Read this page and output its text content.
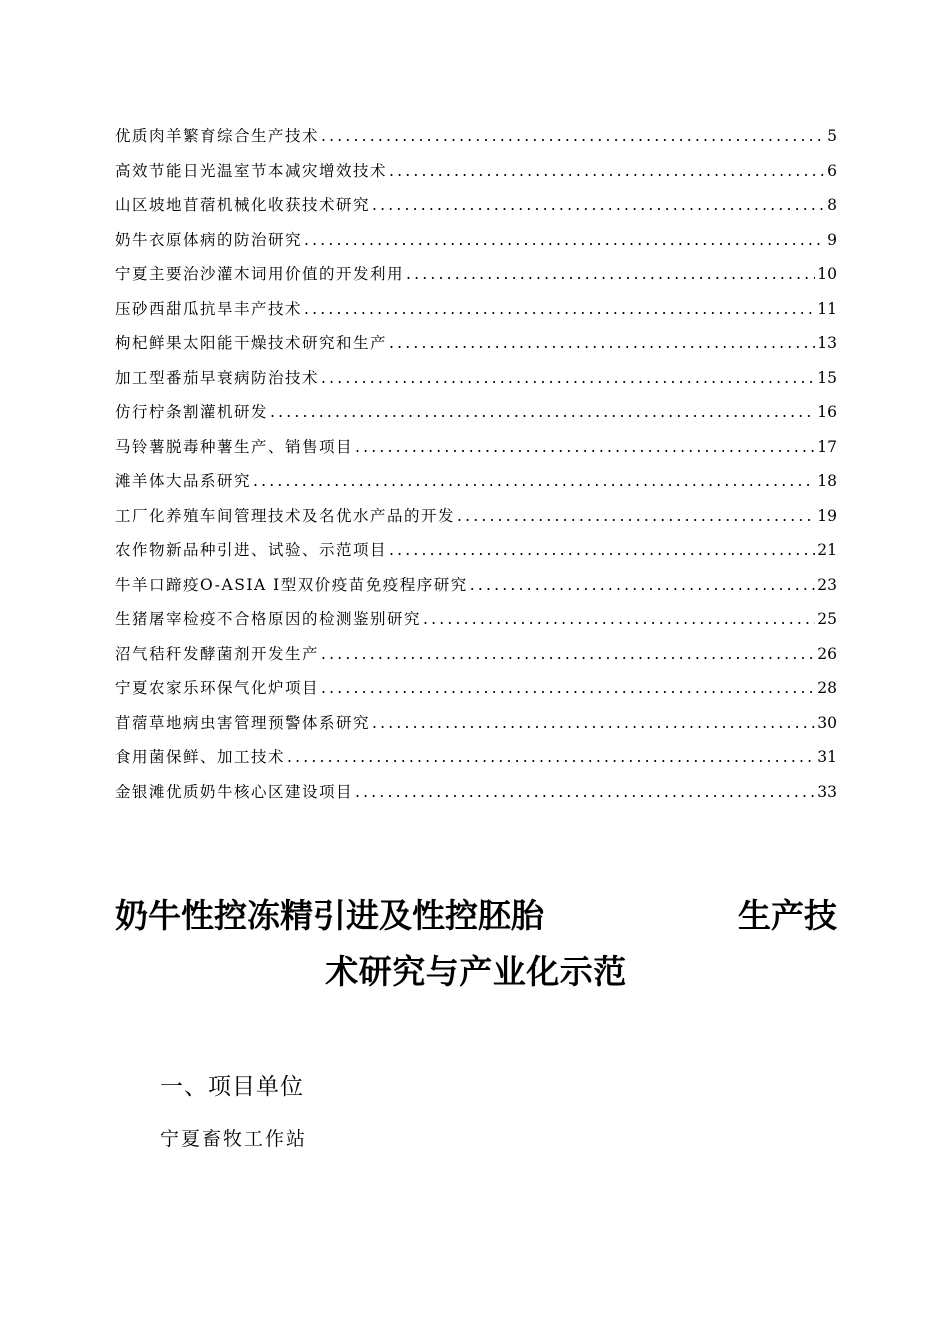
优质肉羊繁育综合生产技术 .....	5
高效节能日光温室节本减灾增效技术 .....	6
山区坡地苜蓿机械化收获技术研究 .....	8
奶牛衣原体病的防治研究 .....	9
宁夏主要治沙灌木词用价值的开发利用 .....	10
压砂西甜瓜抗旱丰产技术 .....	11
枸杞鲜果太阳能干燥技术研究和生产 .....	13
加工型番茄早衰病防治技术 .....	15
仿行柠条割灌机研发 .....	16
马铃薯脱毒种薯生产、销售项目 .....	17
滩羊体大品系研究 .....	18
工厂化养殖车间管理技术及名优水产品的开发 .....	19
农作物新品种引进、试验、示范项目 .....	21
牛羊口蹄疫O-ASIA I型双价疫苗免疫程序研究 .....	23
生猪屠宰检疫不合格原因的检测鉴别研究 .....	25
沼气秸秆发酵菌剂开发生产 .....	26
宁夏农家乐环保气化炉项目 .....	28
苜蓿草地病虫害管理预警体系研究 .....	30
食用菌保鲜、加工技术 .....	31
金银滩优质奶牛核心区建设项目 .....	33
奶牛性控冻精引进及性控胚胎	生产技
术研究与产业化示范
一、项目单位

宁夏畜牧工作站
